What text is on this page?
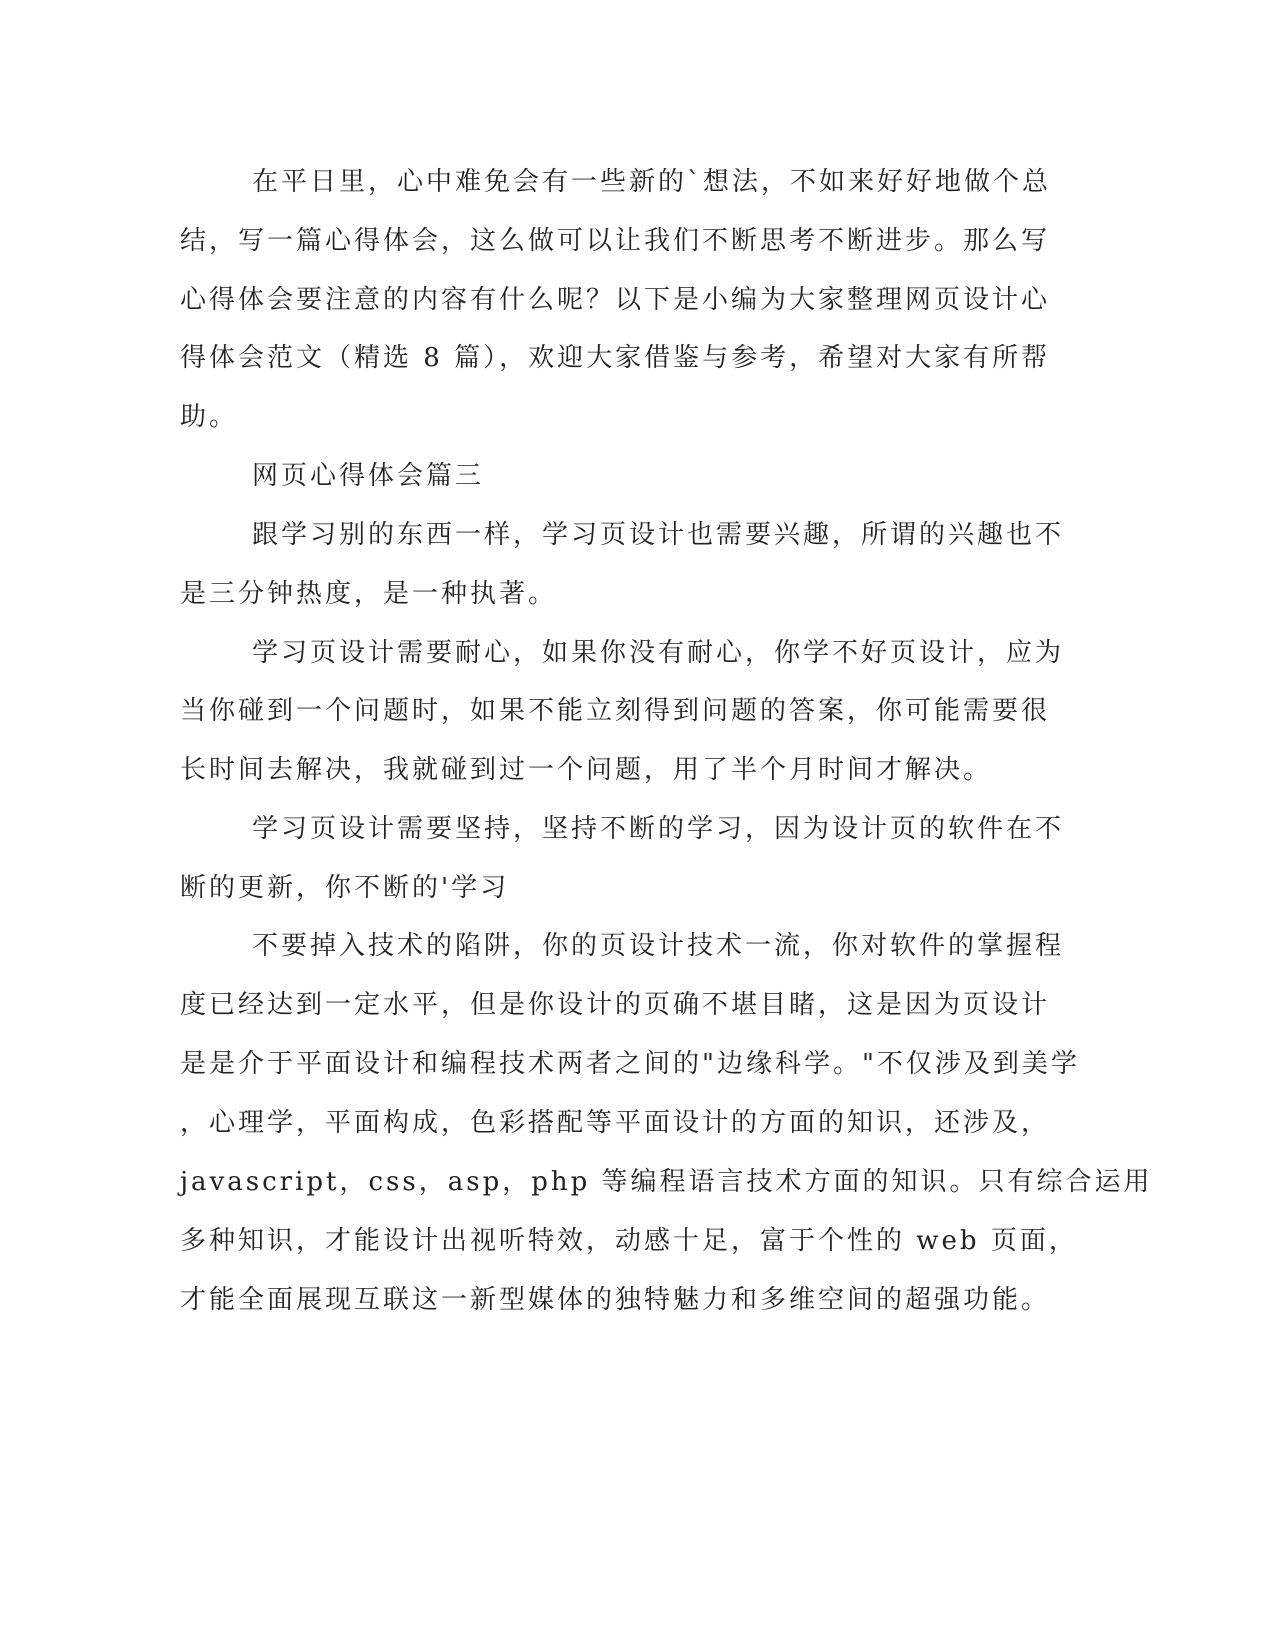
在平日里，心中难免会有一些新的`想法，不如来好好地做个总

结，写一篇心得体会，这么做可以让我们不断思考不断进步。那么写

心得体会要注意的内容有什么呢？以下是小编为大家整理网页设计心

得体会范文（精选 8 篇），欢迎大家借鉴与参考，希望对大家有所帮

助。

网页心得体会篇三

跟学习别的东西一样，学习页设计也需要兴趣，所谓的兴趣也不

是三分钟热度，是一种执著。

学习页设计需要耐心，如果你没有耐心，你学不好页设计，应为

当你碰到一个问题时，如果不能立刻得到问题的答案，你可能需要很

长时间去解决，我就碰到过一个问题，用了半个月时间才解决。

学习页设计需要坚持，坚持不断的学习，因为设计页的软件在不

断的更新，你不断的'学习

不要掉入技术的陷阱，你的页设计技术一流，你对软件的掌握程

度已经达到一定水平，但是你设计的页确不堪目睹，这是因为页设计

是是介于平面设计和编程技术两者之间的"边缘科学。"不仅涉及到美学

，心理学，平面构成，色彩搭配等平面设计的方面的知识，还涉及，

javascript，css，asp，php 等编程语言技术方面的知识。只有综合运用

多种知识，才能设计出视听特效，动感十足，富于个性的 web 页面，

才能全面展现互联这一新型媒体的独特魅力和多维空间的超强功能。
